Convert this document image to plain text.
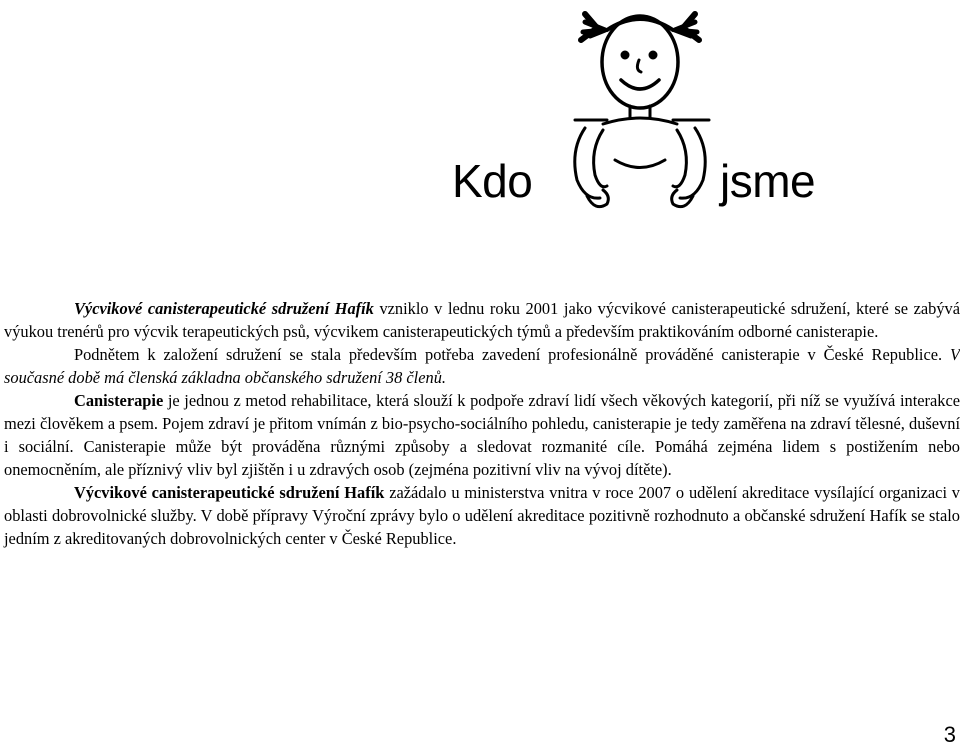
Kdo	jsme

Výcvikové canisterapeutické sdružení Hafík vzniklo v lednu roku 2001 jako výcvikové canisterapeutické sdružení, které se zabývá výukou trenérů pro výcvik terapeutických psů, výcvikem canisterapeutických týmů a především praktikováním odborné canisterapie.

Podnětem k založení sdružení se stala především potřeba zavedení profesionálně prováděné canisterapie v České Republice. V současné době má členská základna občanského sdružení 38 členů.

Canisterapie je jednou z metod rehabilitace, která slouží k podpoře zdraví lidí všech věkových kategorií, při níž se využívá interakce mezi člověkem a psem. Pojem zdraví je přitom vnímán z bio-psycho-sociálního pohledu, canisterapie je tedy zaměřena na zdraví tělesné, duševní i sociální. Canisterapie může být prováděna různými způsoby a sledovat rozmanité cíle. Pomáhá zejména lidem s postižením nebo onemocněním, ale příznivý vliv byl zjištěn i u zdravých osob (zejména pozitivní vliv na vývoj dítěte).

Výcvikové canisterapeutické sdružení Hafík zažádalo u ministerstva vnitra v roce 2007 o udělení akreditace vysílající organizaci v oblasti dobrovolnické služby. V době přípravy Výroční zprávy bylo o udělení akreditace pozitivně rozhodnuto a občanské sdružení Hafík se stalo jedním z akreditovaných dobrovolnických center v České Republice.

3
